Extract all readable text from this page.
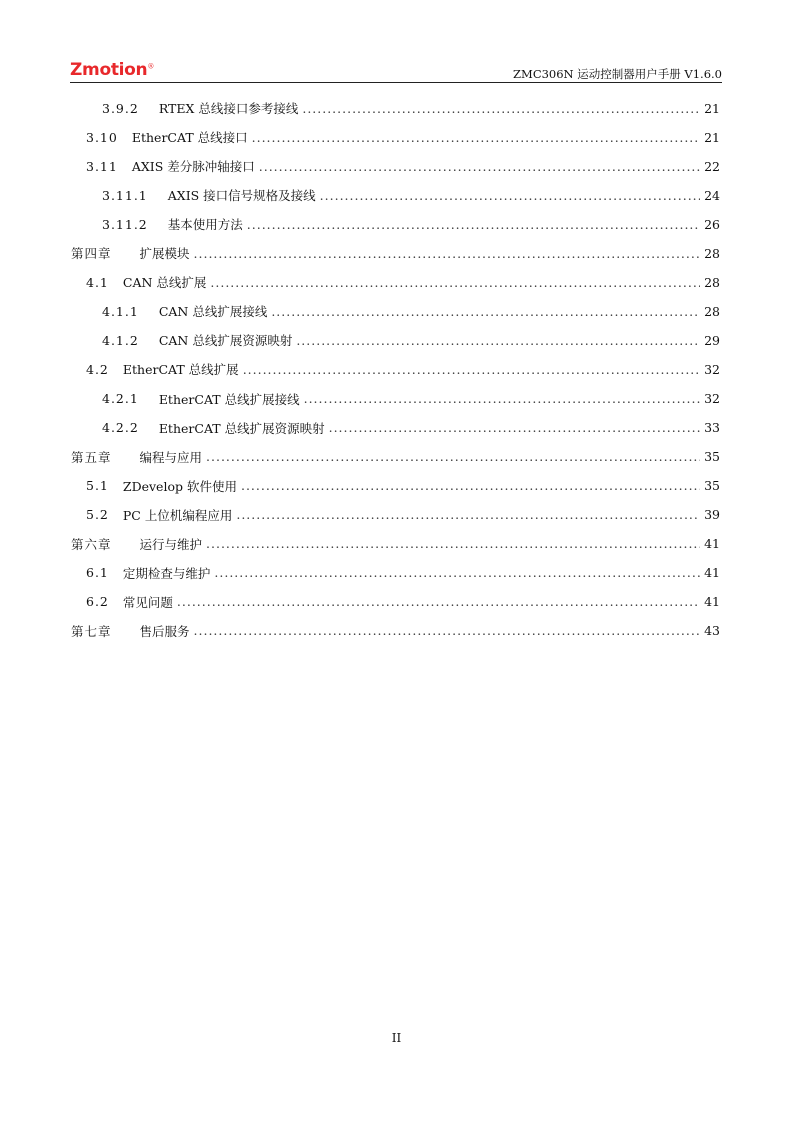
Zmotion®
ZMC306N 运动控制器用户手册 V1.6.0
3.9.2 RTEX 总线接口参考接线 .....	21
3.10 EtherCAT 总线接口 .....	21
3.11 AXIS 差分脉冲轴接口 .....	22
3.11.1 AXIS 接口信号规格及接线 .....	24
3.11.2 基本使用方法 .....	26
第四章 扩展模块 .....	28
4.1 CAN 总线扩展 .....	28
4.1.1 CAN 总线扩展接线 .....	28
4.1.2 CAN 总线扩展资源映射 .....	29
4.2 EtherCAT 总线扩展 .....	32
4.2.1 EtherCAT 总线扩展接线 .....	32
4.2.2 EtherCAT 总线扩展资源映射 .....	33
第五章 编程与应用 .....	35
5.1 ZDevelop 软件使用 .....	35
5.2 PC 上位机编程应用 .....	39
第六章 运行与维护 .....	41
6.1 定期检查与维护 .....	41
6.2 常见问题 .....	41
第七章 售后服务 .....	43
II
